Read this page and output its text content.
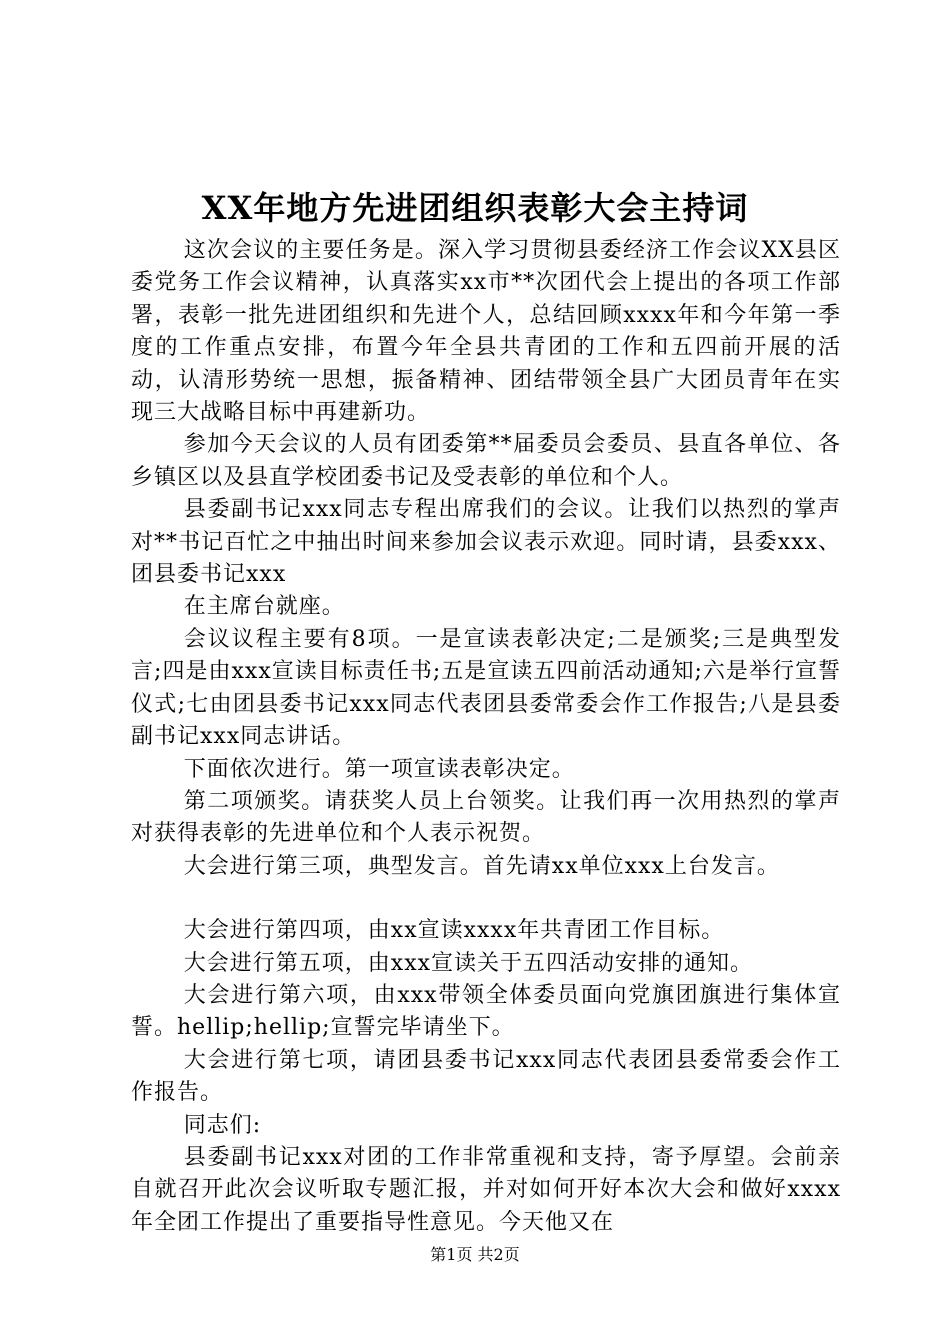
XX年地方先进团组织表彰大会主持词

这次会议的主要任务是。深入学习贯彻县委经济工作会议XX县区委党务工作会议精神，认真落实xx市**次团代会上提出的各项工作部署，表彰一批先进团组织和先进个人，总结回顾xxxx年和今年第一季度的工作重点安排，布置今年全县共青团的工作和五四前开展的活动，认清形势统一思想，振备精神、团结带领全县广大团员青年在实现三大战略目标中再建新功。

参加今天会议的人员有团委第**届委员会委员、县直各单位、各乡镇区以及县直学校团委书记及受表彰的单位和个人。

县委副书记xxx同志专程出席我们的会议。让我们以热烈的掌声对**书记百忙之中抽出时间来参加会议表示欢迎。同时请，县委xxx、团县委书记xxx

在主席台就座。

会议议程主要有8项。一是宣读表彰决定;二是颁奖;三是典型发言;四是由xxx宣读目标责任书;五是宣读五四前活动通知;六是举行宣誓仪式;七由团县委书记xxx同志代表团县委常委会作工作报告;八是县委副书记xxx同志讲话。

下面依次进行。第一项宣读表彰决定。

第二项颁奖。请获奖人员上台领奖。让我们再一次用热烈的掌声对获得表彰的先进单位和个人表示祝贺。

大会进行第三项，典型发言。首先请xx单位xxx上台发言。

大会进行第四项，由xx宣读xxxx年共青团工作目标。

大会进行第五项，由xxx宣读关于五四活动安排的通知。

大会进行第六项，由xxx带领全体委员面向党旗团旗进行集体宣誓。hellip;hellip;宣誓完毕请坐下。

大会进行第七项，请团县委书记xxx同志代表团县委常委会作工作报告。

同志们:

县委副书记xxx对团的工作非常重视和支持，寄予厚望。会前亲自就召开此次会议听取专题汇报，并对如何开好本次大会和做好xxxx年全团工作提出了重要指导性意见。今天他又在

第1页 共2页
